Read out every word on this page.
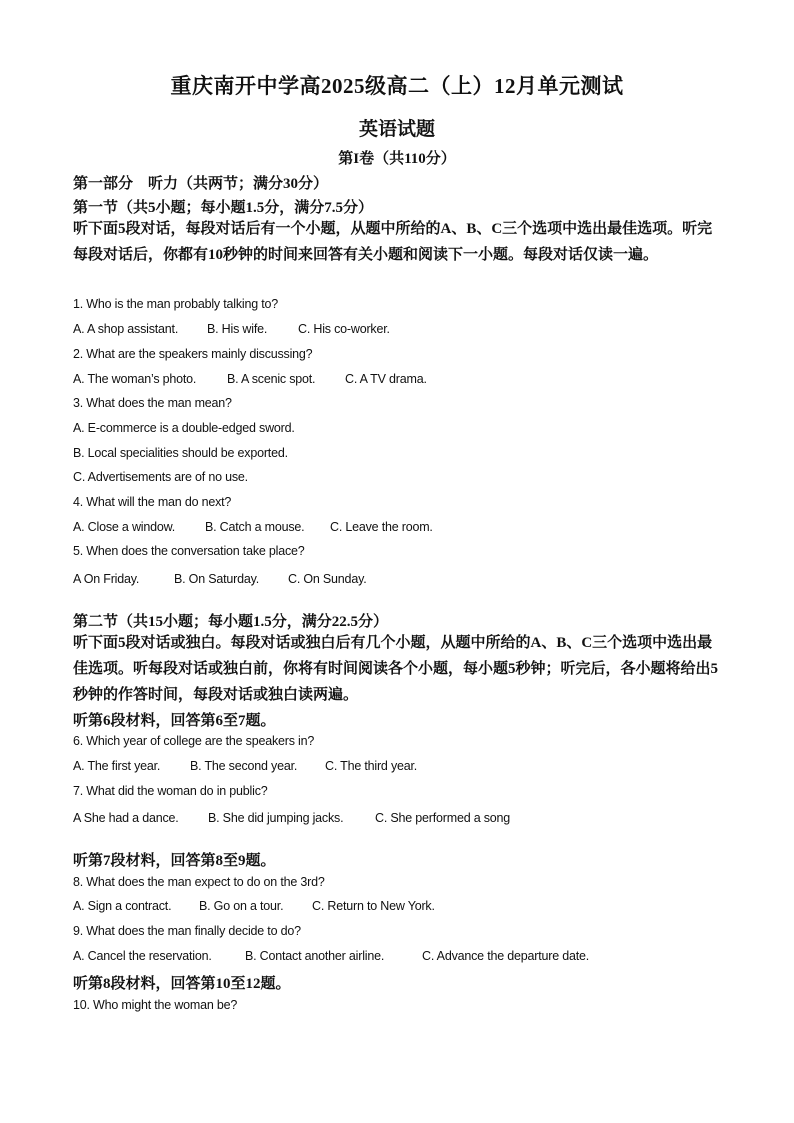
重庆南开中学高2025级高二（上）12月单元测试
英语试题
第I卷（共110分）
第一部分　听力（共两节；满分30分）
第一节（共5小题；每小题1.5分，满分7.5分）
听下面5段对话，每段对话后有一个小题，从题中所给的A、B、C三个选项中选出最佳选项。听完每段对话后，你都有10秒钟的时间来回答有关小题和阅读下一小题。每段对话仅读一遍。
1. Who is the man probably talking to?
A. A shop assistant. B. His wife. C. His co-worker.
2. What are the speakers mainly discussing?
A. The woman’s photo. B. A scenic spot. C. A TV drama.
3. What does the man mean?
A. E-commerce is a double-edged sword.
B. Local specialities should be exported.
C. Advertisements are of no use.
4. What will the man do next?
A. Close a window. B. Catch a mouse. C. Leave the room.
5. When does the conversation take place?
A On Friday.	B. On Saturday. C. On Sunday.
第二节（共15小题；每小题1.5分，满分22.5分）
听下面5段对话或独白。每段对话或独白后有几个小题，从题中所给的A、B、C三个选项中选出最佳选项。听每段对话或独白前，你将有时间阅读各个小题，每小题5秒钟；听完后，各小题将给出5秒钟的作答时间，每段对话或独白读两遍。
听第6段材料，回答第6至7题。
6. Which year of college are the speakers in?
A. The first year. B. The second year. C. The third year.
7. What did the woman do in public?
A She had a dance. B. She did jumping jacks.	C. She performed a song
听第7段材料，回答第8至9题。
8. What does the man expect to do on the 3rd?
A. Sign a contract. B. Go on a tour. C. Return to New York.
9. What does the man finally decide to do?
A. Cancel the reservation.	B. Contact another airline.	C. Advance the departure date.
听第8段材料，回答第10至12题。
10. Who might the woman be?
